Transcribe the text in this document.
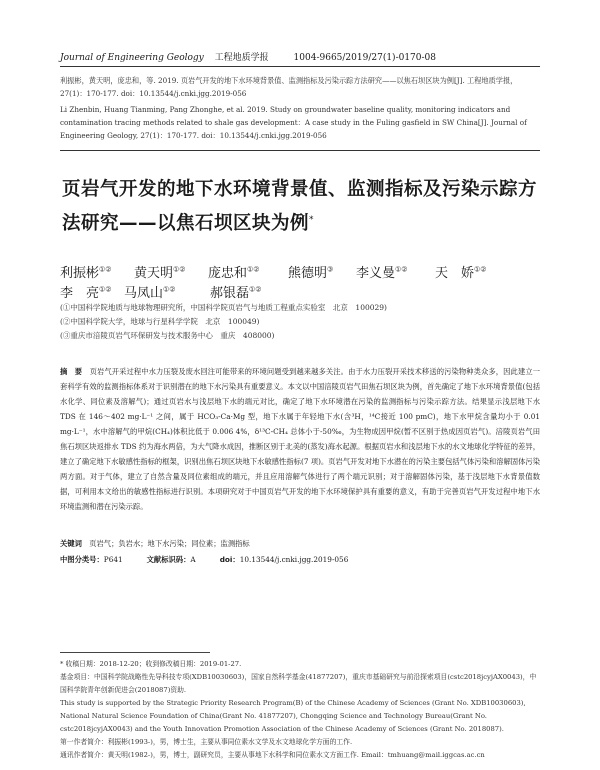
Journal of Engineering Geology 工程地质学报	1004-9665/2019/27(1)-0170-08

利振彬，黄天明，庞忠和，等. 2019. 页岩气开发的地下水环境背景值、监测指标及污染示踪方法研究——以焦石坝区块为例[J]. 工程地质学报，27(1)：170-177. doi：10.13544/j.cnki.jgg.2019-056

Li Zhenbin, Huang Tianming, Pang Zhonghe, et al. 2019. Study on groundwater baseline quality, monitoring indicators and contamination tracing methods related to shale gas development：A case study in the Fuling gasfield in SW China[J]. Journal of Engineering Geology, 27(1)：170-177. doi：10.13544/j.cnki.jgg.2019-056

页岩气开发的地下水环境背景值、监测指标及污染示踪方法研究——以焦石坝区块为例*
利振彬①② 黄天明①② 庞忠和①② 熊德明③ 李义曼①② 天　娇①②
李　亮①② 马凤山①②	郝银磊①②

(①中国科学院地质与地球物理研究所，中国科学院页岩气与地质工程重点实验室　北京　100029)

(②中国科学院大学，地球与行星科学学院　北京　100049)

(③重庆市涪陵页岩气环保研发与技术服务中心　重庆　408000)

摘　要　 页岩气开采过程中水力压裂及废水回注可能带来的环境问题受到越来越多关注。由于水力压裂开采技术移送的污染物种类众多，因此建立一套科学有效的监测指标体系对于识别潜在的地下水污染具有重要意义。本文以中国涪陵页岩气田焦石坝区块为例，首先确定了地下水环境背景值(包括水化学、同位素及溶解气)；通过页岩水与浅层地下水的端元对比，确定了地下水环境潜在污染的监测指标与污染示踪方法。结果显示浅层地下水 TDS 在 146～402 mg·L⁻¹ 之间，属于 HCO₃-Ca·Mg 型，地下水属于年轻地下水(含³H，¹⁴C接近 100 pmC)，地下水甲烷含量均小于 0.01 mg·L⁻¹，水中溶解气的甲烷(CH₄)体积比低于 0.006 4%，δ¹³C-CH₄ 总体小于-50‰，为生物成因甲烷(暂不区别于热成因页岩气)。涪陵页岩气田焦石坝区块返排水 TDS 约为海水两倍，为大气降水成因，推断区别于北美的(蒸发)海水起源。根据页岩水和浅层地下水的水文地球化学特征的差异，建立了确定地下水敏感性指标的框架，识别出焦石坝区块地下水敏感性指标(7 项)。页岩气开发对地下水潜在的污染主要包括气体污染和溶解固体污染两方面。对于气体，建立了自然含量及同位素组成的端元，并且应用溶解气体进行了两个端元识别；对于溶解固体污染，基于浅层地下水背景值数据，可利用本文给出的敏感性指标进行识别。本项研究对于中国页岩气开发的地下水环境保护具有重要的意义，有助于完善页岩气开发过程中地下水环境监测和潜在污染示踪。

关键词　 页岩气；负岩水；地下水污染；同位素；监测指标

中图分类号：P641	文献标识码：A	doi：10.13544/j.cnki.jgg.2019-056

* 收稿日期：2018-12-20；收到修改稿日期：2019-01-27.

基金项目：中国科学院战略性先导科技专项(XDB10030603)，国家自然科学基金(41877207)，重庆市基础研究与前沿探索项目(cstc2018jcyjAX0043)，中国科学院青年创新促进会(2018087)资助.

This study is supported by the Strategic Priority Research Program(B) of the Chinese Academy of Sciences (Grant No. XDB10030603), National Natural Science Foundation of China(Grant No. 41877207), Chongqing Science and Technology Bureau(Grant No. cstc2018jcyjAX0043) and the Youth Innovation Promotion Association of the Chinese Academy of Sciences (Grant No. 2018087).

第一作者简介：利振彬(1993-)，男，博士生，主要从事同位素水文学及水文地球化学方面的工作.

通讯作者简介：黄天明(1982-)，男，博士，副研究员，主要从事地下水科学和同位素水文方面工作. Email：tmhuang@mail.iggcas.ac.cn
